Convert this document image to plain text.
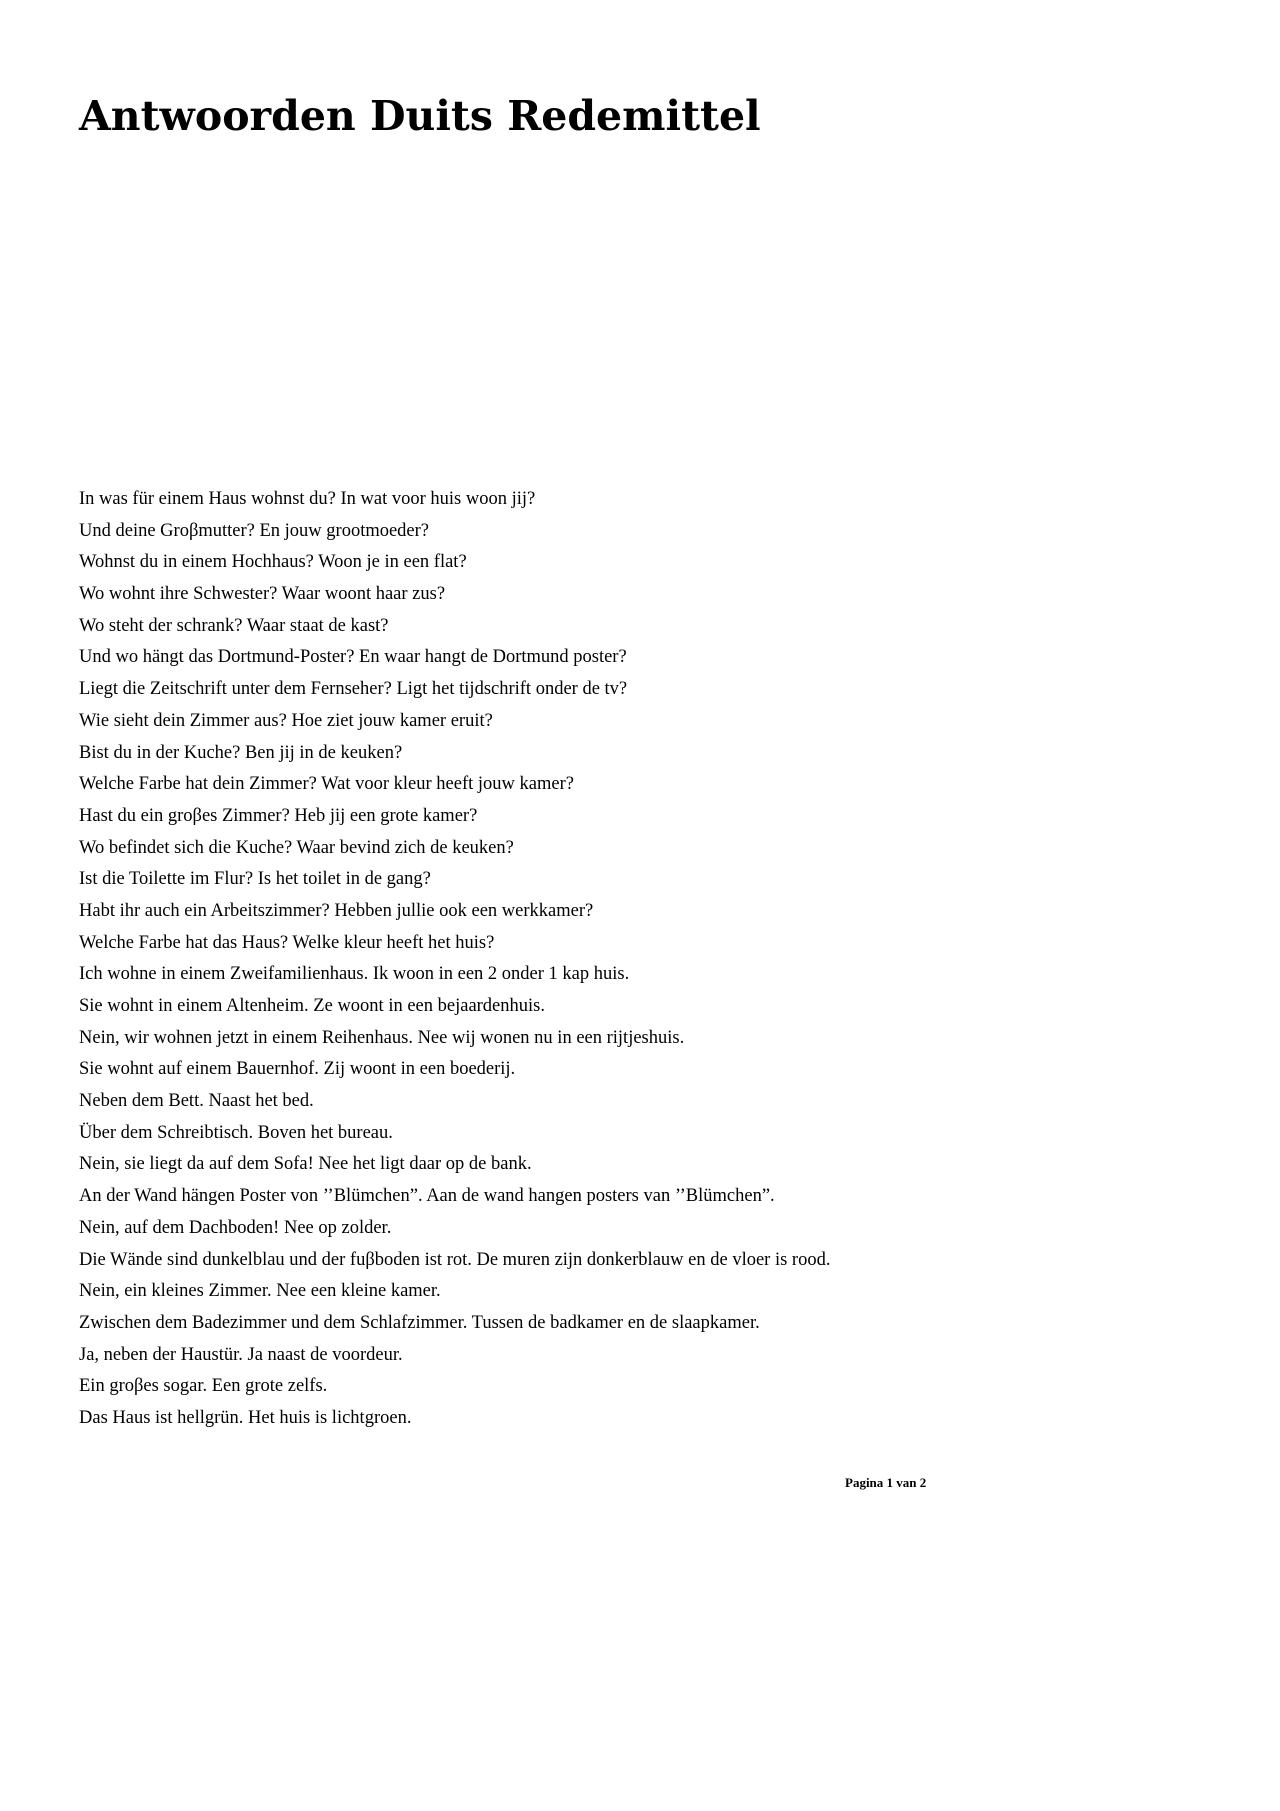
Antwoorden Duits Redemittel
In was für einem Haus wohnst du? In wat voor huis woon jij?
Und deine Groβmutter? En jouw grootmoeder?
Wohnst du in einem Hochhaus? Woon je in een flat?
Wo wohnt ihre Schwester? Waar woont haar zus?
Wo steht der schrank? Waar staat de kast?
Und wo hängt das Dortmund-Poster? En waar hangt de Dortmund poster?
Liegt die Zeitschrift unter dem Fernseher? Ligt het tijdschrift onder de tv?
Wie sieht dein Zimmer aus? Hoe ziet jouw kamer eruit?
Bist du in der Kuche? Ben jij in de keuken?
Welche Farbe hat dein Zimmer? Wat voor kleur heeft jouw kamer?
Hast du ein groβes Zimmer? Heb jij een grote kamer?
Wo befindet sich die Kuche? Waar bevind zich de keuken?
Ist die Toilette im Flur? Is het toilet in de gang?
Habt ihr auch ein Arbeitszimmer? Hebben jullie ook een werkkamer?
Welche Farbe hat das Haus? Welke kleur heeft het huis?
Ich wohne in einem Zweifamilienhaus. Ik woon in een 2 onder 1 kap huis.
Sie wohnt in einem Altenheim. Ze woont in een bejaardenhuis.
Nein, wir wohnen jetzt in einem Reihenhaus. Nee wij wonen nu in een rijtjeshuis.
Sie wohnt auf einem Bauernhof. Zij woont in een boederij.
Neben dem Bett. Naast het bed.
Über dem Schreibtisch. Boven het bureau.
Nein, sie liegt da auf dem Sofa! Nee het ligt daar op de bank.
An der Wand hängen Poster von ’’Blümchen”. Aan de wand hangen posters van ’’Blümchen”.
Nein, auf dem Dachboden! Nee op zolder.
Die Wände sind dunkelblau und der fuβboden ist rot. De muren zijn donkerblauw en de vloer is rood.
Nein, ein kleines Zimmer. Nee een kleine kamer.
Zwischen dem Badezimmer und dem Schlafzimmer. Tussen de badkamer en de slaapkamer.
Ja, neben der Haustür. Ja naast de voordeur.
Ein groβes sogar. Een grote zelfs.
Das Haus ist hellgrün. Het huis is lichtgroen.
Pagina 1 van 2
